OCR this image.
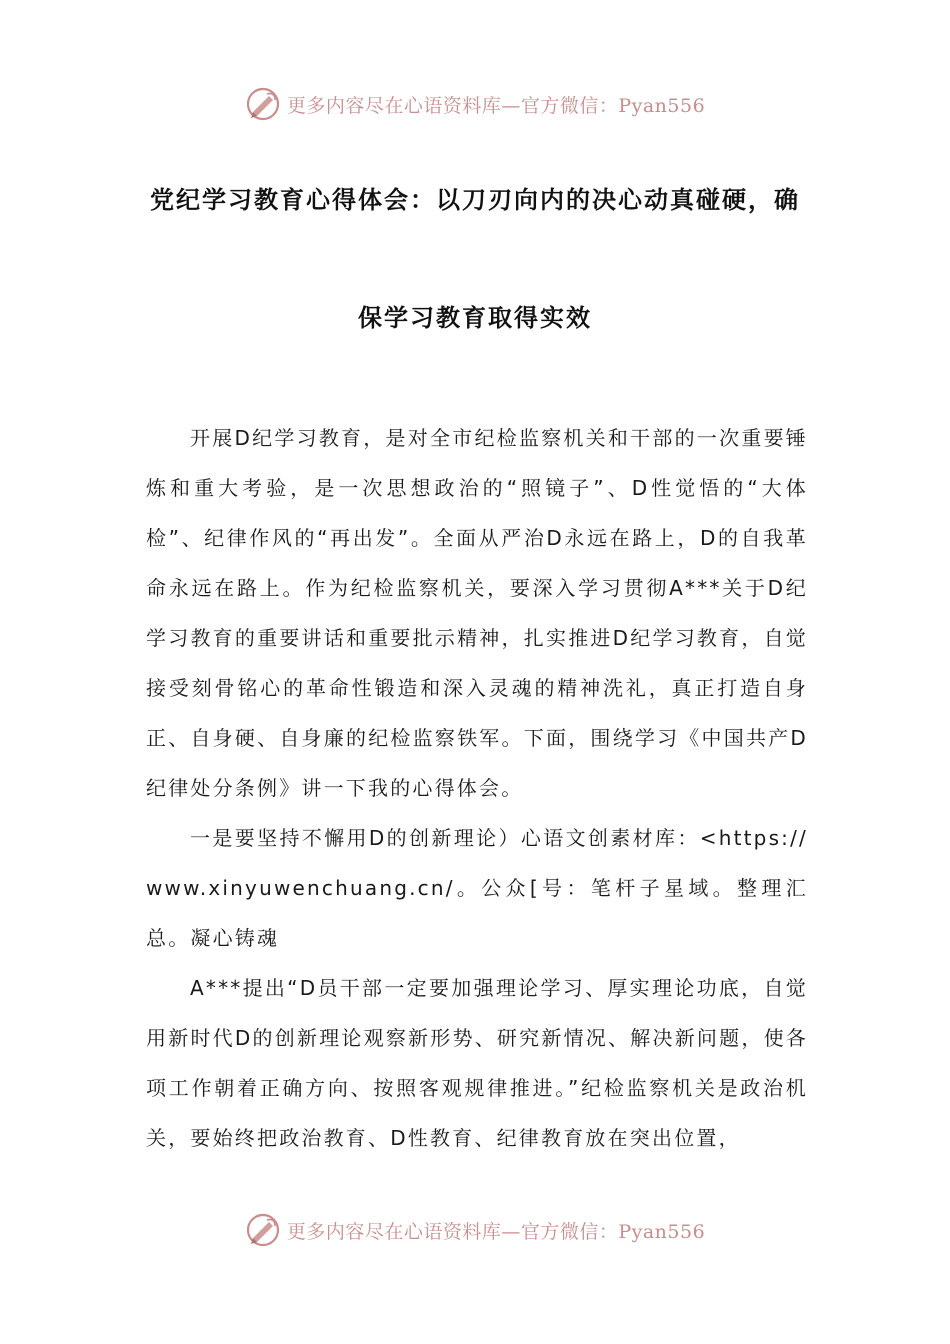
更多内容尽在心语资料库—官方微信：Pyan556
党纪学习教育心得体会：以刀刃向内的决心动真碰硬，确
保学习教育取得实效

开展D纪学习教育，是对全市纪检监察机关和干部的一次重要锤炼和重大考验，是一次思想政治的“照镜子”、D性觉悟的“大体检”、纪律作风的“再出发”。全面从严治D永远在路上，D的自我革命永远在路上。作为纪检监察机关，要深入学习贯彻A***关于D纪学习教育的重要讲话和重要批示精神，扎实推进D纪学习教育，自觉接受刻骨铭心的革命性锻造和深入灵魂的精神洗礼，真正打造自身正、自身硬、自身廉的纪检监察铁军。下面，围绕学习《中国共产D纪律处分条例》讲一下我的心得体会。

一是要坚持不懈用D的创新理论）心语文创素材库：<https://www.xinyuwenchuang.cn/。公众[号：笔杆子星域。整理汇总。凝心铸魂

A***提出“D员干部一定要加强理论学习、厚实理论功底，自觉用新时代D的创新理论观察新形势、研究新情况、解决新问题，使各项工作朝着正确方向、按照客观规律推进。”纪检监察机关是政治机关，要始终把政治教育、D性教育、纪律教育放在突出位置，

更多内容尽在心语资料库—官方微信：Pyan556
